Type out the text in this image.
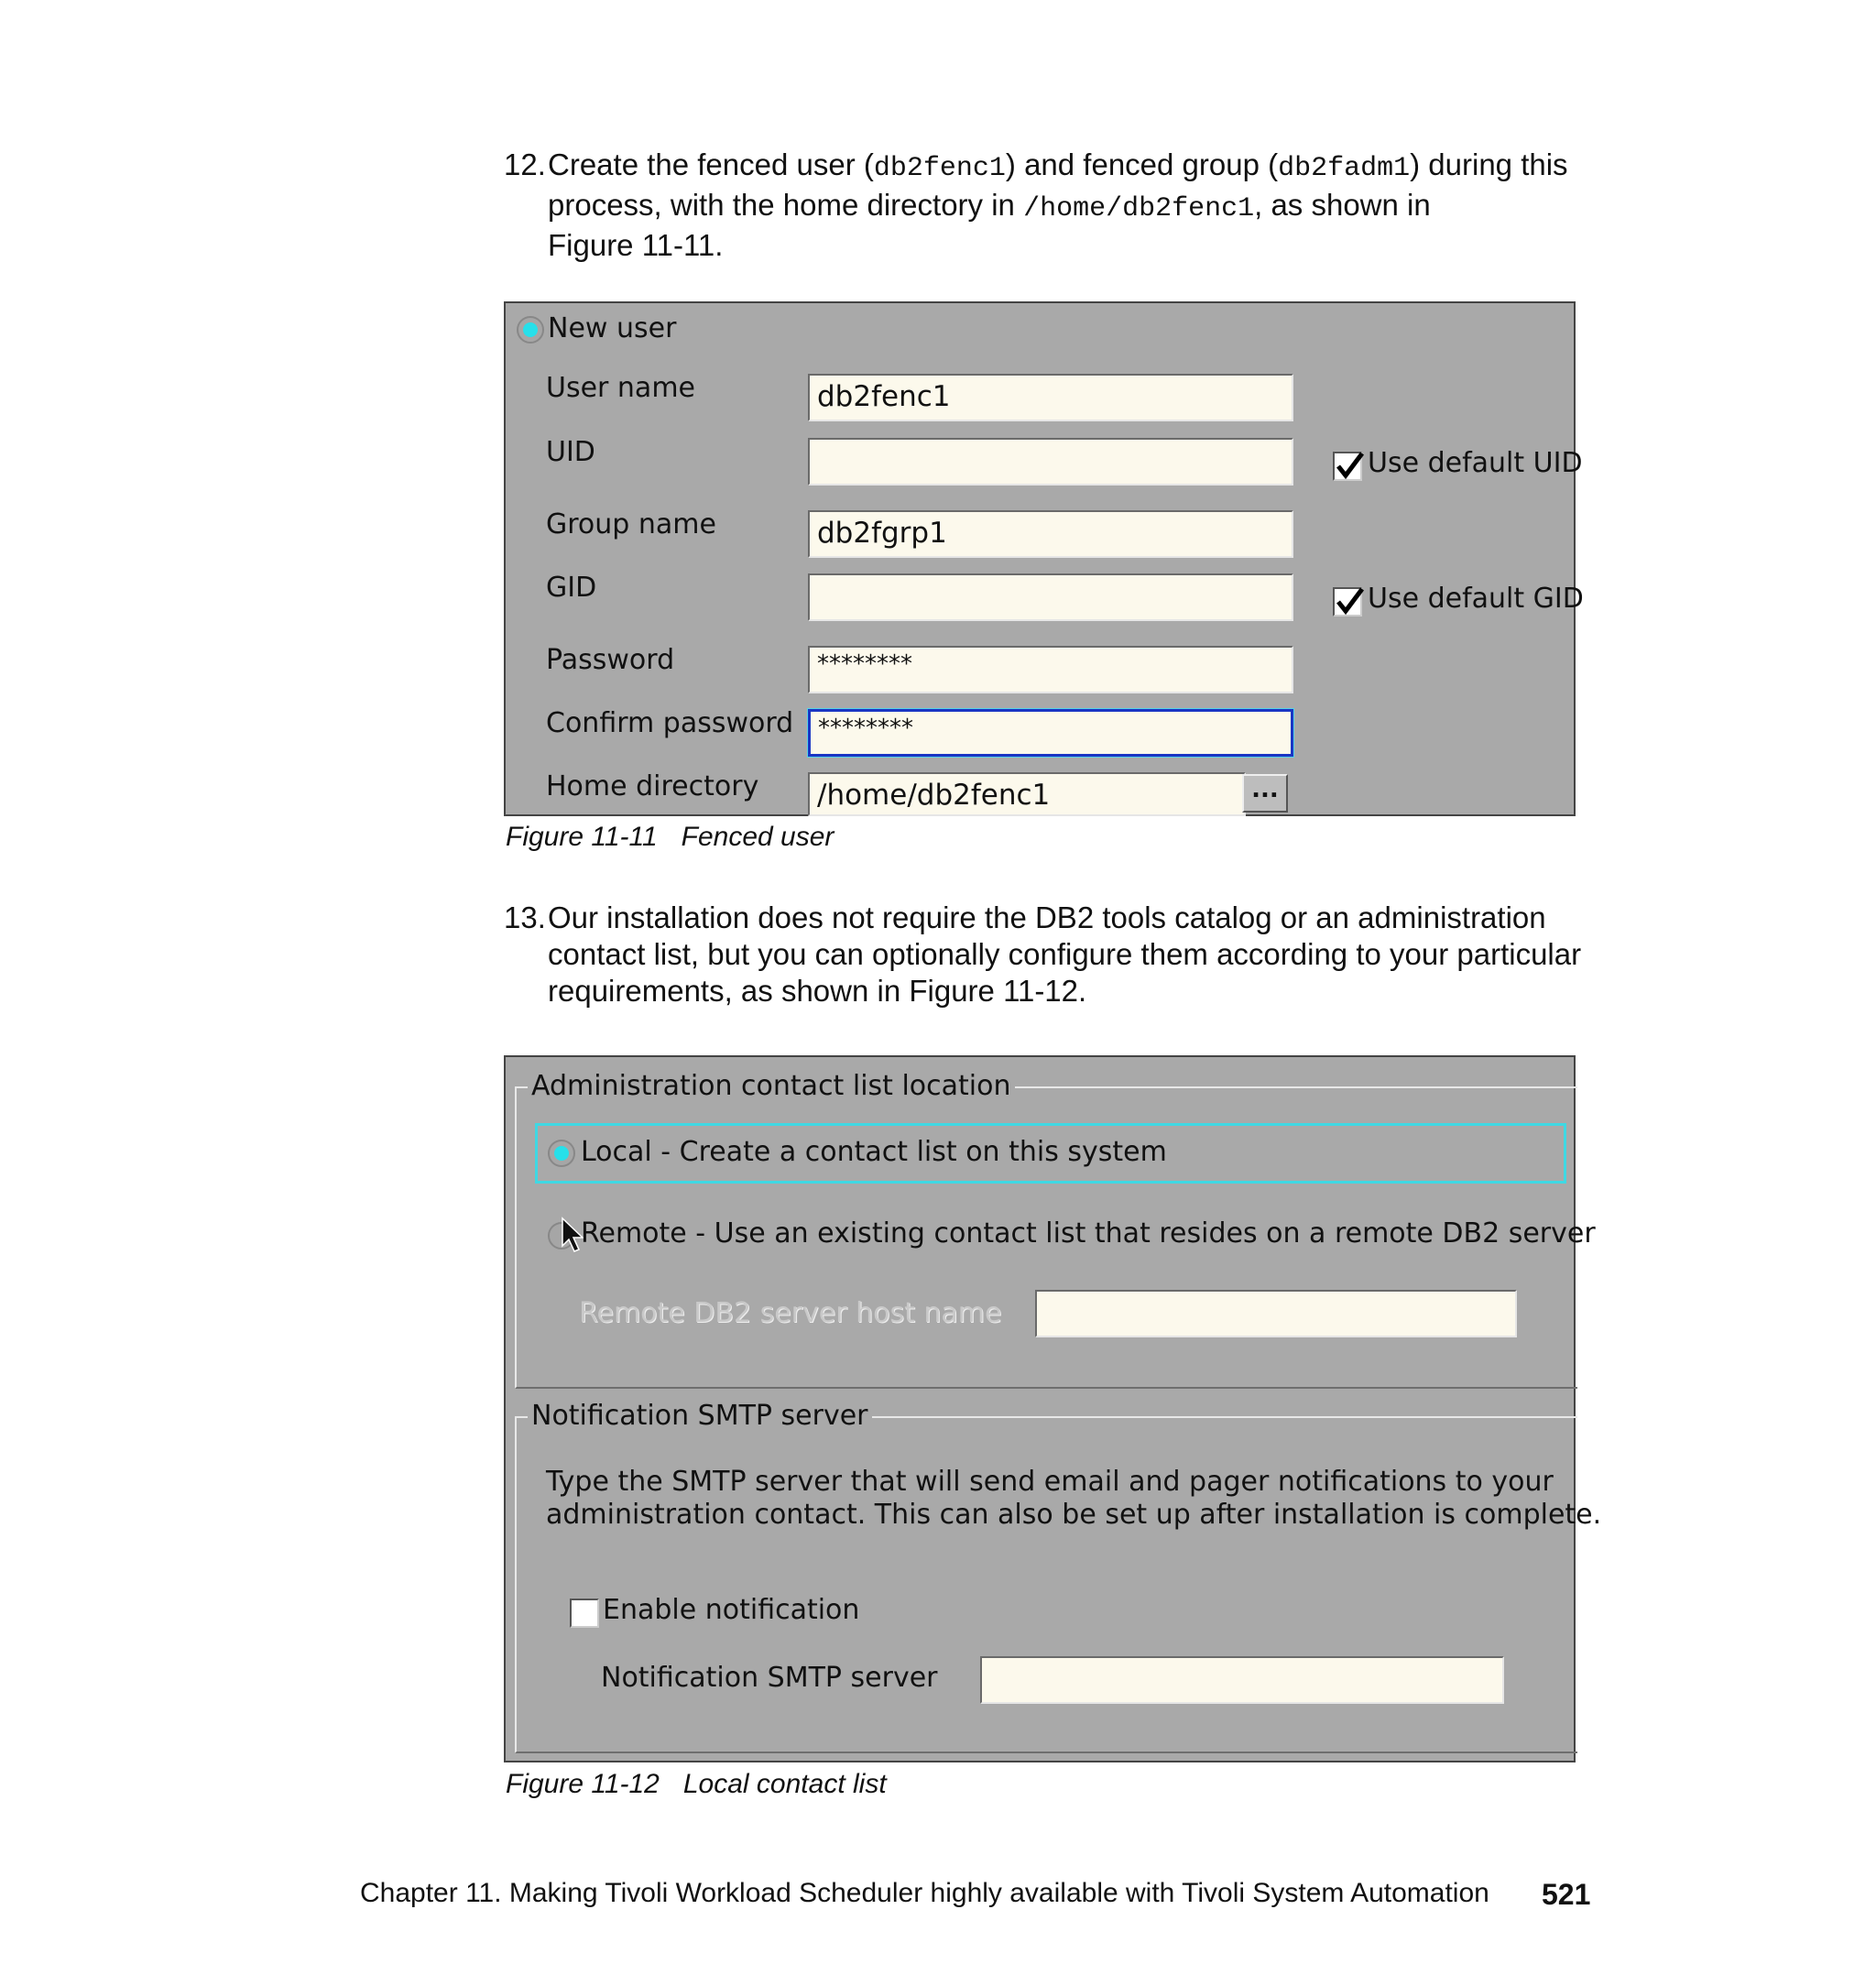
12. Create the fenced user (db2fenc1) and fenced group (db2fadm1) during this
process, with the home directory in /home/db2fenc1, as shown in
Figure 11-11.
New user
User name	db2fenc1
UID	Use default UID
Group name	db2fgrp1
GID	Use default GID
Password	********
Confirm password	********
Home directory	/home/db2fenc1	...
Figure 11-11 Fenced user
13. Our installation does not require the DB2 tools catalog or an administration
contact list, but you can optionally configure them according to your particular
requirements, as shown in Figure 11-12.
Administration contact list location
Local - Create a contact list on this system
Remote - Use an existing contact list that resides on a remote DB2 server
Remote DB2 server host name
Notification SMTP server
Type the SMTP server that will send email and pager notifications to your
administration contact. This can also be set up after installation is complete.
Enable notification
Notification SMTP server
Figure 11-12 Local contact list
Chapter 11. Making Tivoli Workload Scheduler highly available with Tivoli System Automation 521
